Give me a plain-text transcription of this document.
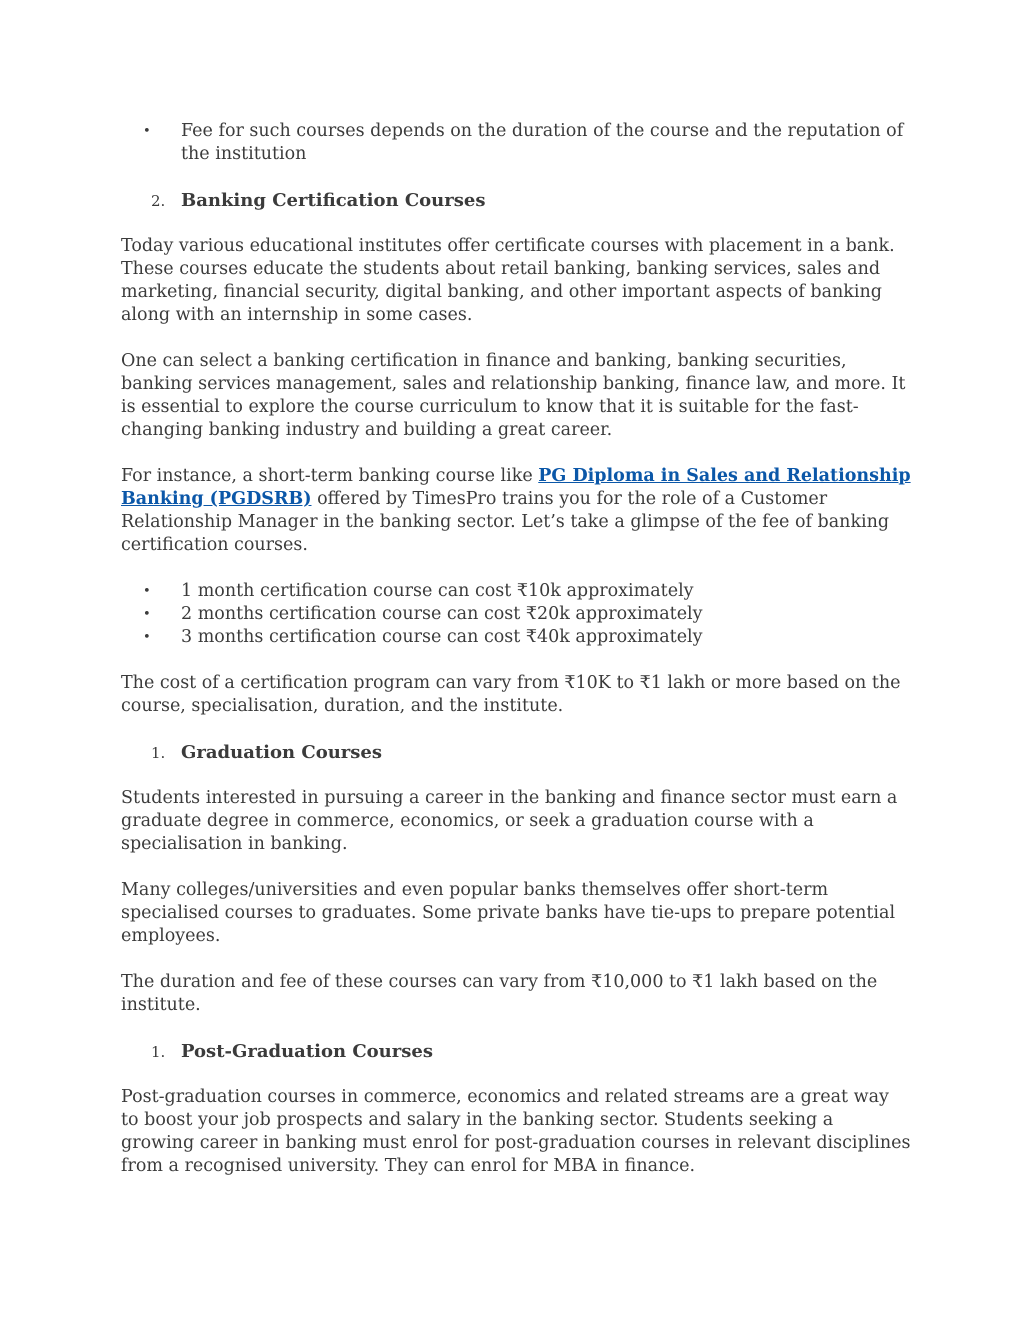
• Fee for such courses depends on the duration of the course and the reputation of the institution
2. Banking Certification Courses

Today various educational institutes offer certificate courses with placement in a bank. These courses educate the students about retail banking, banking services, sales and marketing, financial security, digital banking, and other important aspects of banking along with an internship in some cases.

One can select a banking certification in finance and banking, banking securities, banking services management, sales and relationship banking, finance law, and more. It is essential to explore the course curriculum to know that it is suitable for the fast-changing banking industry and building a great career.

For instance, a short-term banking course like PG Diploma in Sales and Relationship Banking (PGDSRB) offered by TimesPro trains you for the role of a Customer Relationship Manager in the banking sector. Let’s take a glimpse of the fee of banking certification courses.

• 1 month certification course can cost ₹10k approximately
• 2 months certification course can cost ₹20k approximately
• 3 months certification course can cost ₹40k approximately

The cost of a certification program can vary from ₹10K to ₹1 lakh or more based on the course, specialisation, duration, and the institute.

1. Graduation Courses

Students interested in pursuing a career in the banking and finance sector must earn a graduate degree in commerce, economics, or seek a graduation course with a specialisation in banking.

Many colleges/universities and even popular banks themselves offer short-term specialised courses to graduates. Some private banks have tie-ups to prepare potential employees.

The duration and fee of these courses can vary from ₹10,000 to ₹1 lakh based on the institute.

1. Post-Graduation Courses

Post-graduation courses in commerce, economics and related streams are a great way to boost your job prospects and salary in the banking sector. Students seeking a growing career in banking must enrol for post-graduation courses in relevant disciplines from a recognised university. They can enrol for MBA in finance.
